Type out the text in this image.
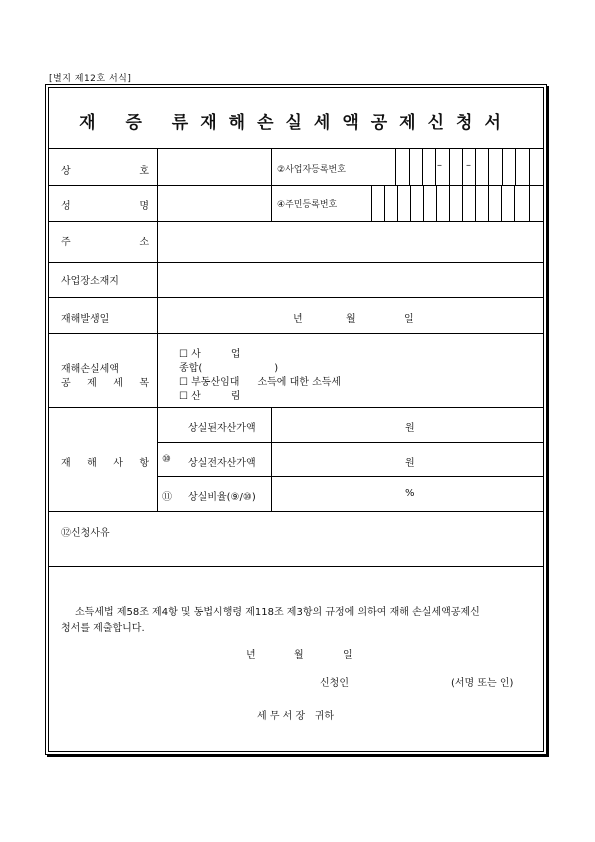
[별지 제12호 서식]
재 증 류재해손실세액공제신청서
상	호	②사업자등록번호	– –
성	명	④주민등록번호
주	소
사업장소재지
재해발생일	년	월	일
재해손실세액
공 제 세 목
☐ 사	업
종합(	)
☐ 부동산임대 소득에 대한 소득세
☐ 산	림
재 해 사 항
상실된자산가액	원
⑩ 상실전자산가액	원
⑪ 상실비율(⑨/⑩)	%
⑫신청사유
소득세법 제58조 제4항 및 동법시행령 제118조 제3항의 규정에 의하여 재해 손실세액공제신
청서를 제출합니다.
년	월	일
신청인	(서명 또는 인)
세 무 서 장   귀하
